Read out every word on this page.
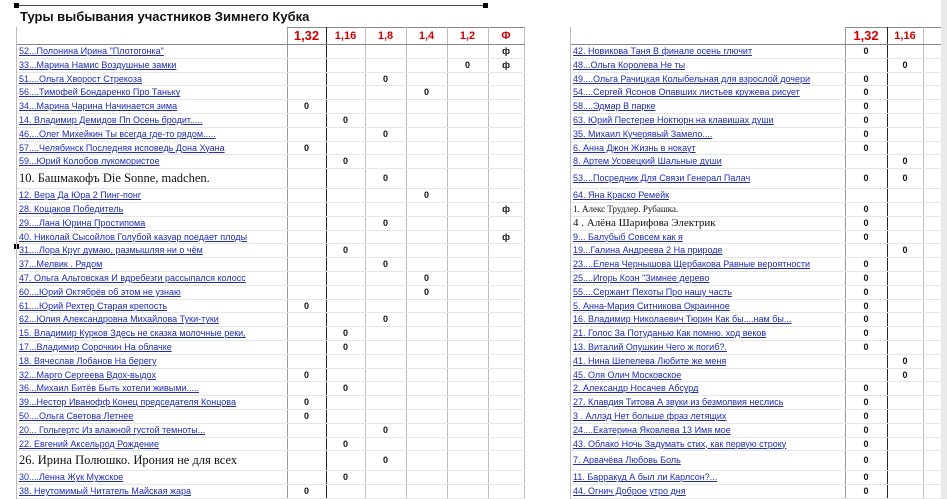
Туры выбывания участников Зимнего Кубка
	1,32	1,16	1,8	1,4	1,2	Ф
52...Полонина Ирина "Плотогонка"						ф
33...Марина Намис Воздушные замки					0	ф
51....Ольга Хворост Стрекоза			0			
56....Тимофей Бондаренко Про Таньку				0		
34...Марина Чарина Начинается зима	0					
14. Владимир Демидов Пп Осень бродит.....		0				
46....Олег Михейкин Ты всегда где-то рядом.....			0			
57....Челябинск Последняя исповедь Дона Хуана	0					
59...Юрий Колобов лукомористое		0				
10. Башмакофъ Die Sonne, madchen.			0			
12. Вера Да Юра 2 Пинг-понг				0		
28. Кощаков Победитель						ф
29....Лана Юрина Простипома			0			
40. Николай Сысойлов Голубой казуар поедает плоды						ф
31....Лора Круг думаю, размышляя ни о чём		0				
37...Мелвик . Рядом			0			
47. Ольга Альтовская И вдребезги рассыпался колосс				0		
60....Юрий Октябрёв об этом не узнаю				0		
61....Юрий Рехтер Старая крепость	0					
62...Юлия Александровна Михайлова Туки-туки			0			
15. Владимир Курков Здесь не сказка молочные реки,		0				
17...Владимир Сорочкин На облачке		0				
18. Вячеслав Лобанов На берегу						
32...Марго Сергеева Вдох-выдох	0					
36...Михаил Битёв Быть хотели живыми.....		0				
39...Нестор Иванофф Конец председателя Концова	0					
50....Ольга Светова Летнее	0					
20... Гольгертс Из влажной густой темноты...			0			
22. Евгений Аксельрод Рождение		0				
26. Ирина Полюшко. Ирония не для всех			0			
30....Ленна Жук Мужское		0				
38. Неутомимый Читатель Майская жара	0					
	1,32	1,16	
42. Новикова Таня В финале осень глючит	0		
48...Ольга Королева Не ты		0	
49....Ольга Рачицкая Колыбельная для взрослой дочери	0		
54....Сергей Ясонов Опавших листьев кружева рисует	0		
58....Эдмар В парке	0		
63. Юрий Пестерев Ноктюрн на клавишах души	0		
35. Михаил Кучерявый Замело....	0		
6. Анна Джон Жизнь в нокаут	0		
8. Артем Усовецкий Шальные души		0	
53....Посредник Для Связи Генерал Палач	0	0	
64. Яна Краско Ремейк			
1. Алекс Трудлер. Рубашка.	0		
4 . Алёна Шарифова Электрик	0		
9... Балубыб Совсем как я	0		
19...Галина Андреева 2 На природе		0	
23....Елена Чернышова Щербакова Равные вероятности	0		
25....Игорь Коэн "Зимнее дерево	0		
55....Сержант Пехоты Про нашу часть	0		
5. Анна-Мария Ситникова Окраинное	0		
16. Владимир Николаевич Тюрин Как бы....нам бы...	0		
21. Голос За Потуданью Как помню. ход веков	0		
13. Виталий Опушкин Чего ж погиб?.	0		
41. Нина Шепелева Любите же меня		0	
45. Оля Олич Московское		0	
2. Александр Носачев Абсурд	0		
27. Клавдия Титова А звуки из безмолвия неслись	0		
3 . Аллэд Нет больше фраз летящих	0		
24....Екатерина Яковлева 13 Имя мое	0		
43. Облако Ночь Задумать стих, как первую строку	0		
7. Арвачёва Любовь Боль	0		
11. Барракуд А был ли Карлсон?...	0		
44. Огнич Доброе утро дня	0		
